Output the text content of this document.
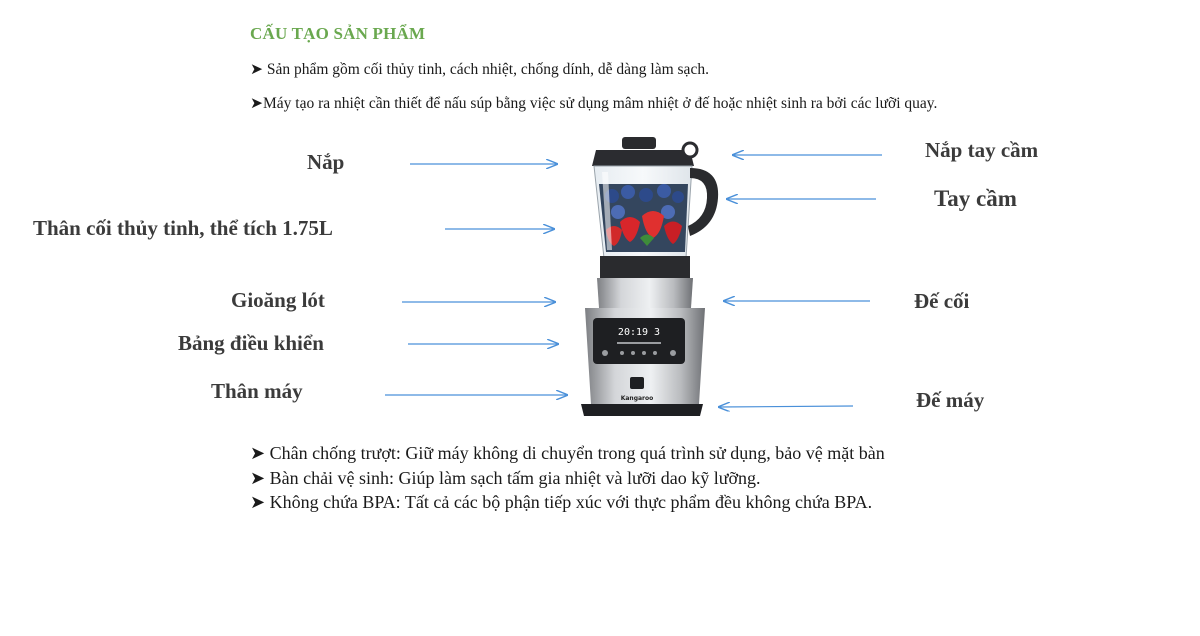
CẤU TẠO SẢN PHẨM
➤ Sản phẩm gồm cối thủy tinh, cách nhiệt, chống dính, dễ dàng làm sạch.
➤Máy tạo ra nhiệt cần thiết để nấu súp bằng việc sử dụng mâm nhiệt ở đế hoặc nhiệt sinh ra bởi các lưỡi quay.
20:19 3
Kangaroo
Nắp
Thân cối thủy tinh, thể tích 1.75L
Gioăng lót
Bảng điều khiển
Thân máy
Nắp tay cầm
Tay cầm
Đế cối
Đế máy
➤ Chân chống trượt: Giữ máy không di chuyển trong quá trình sử dụng, bảo vệ mặt bàn
➤ Bàn chải vệ sinh: Giúp làm sạch tấm gia nhiệt và lưỡi dao kỹ lưỡng.
➤ Không chứa BPA: Tất cả các bộ phận tiếp xúc với thực phẩm đều không chứa BPA.
